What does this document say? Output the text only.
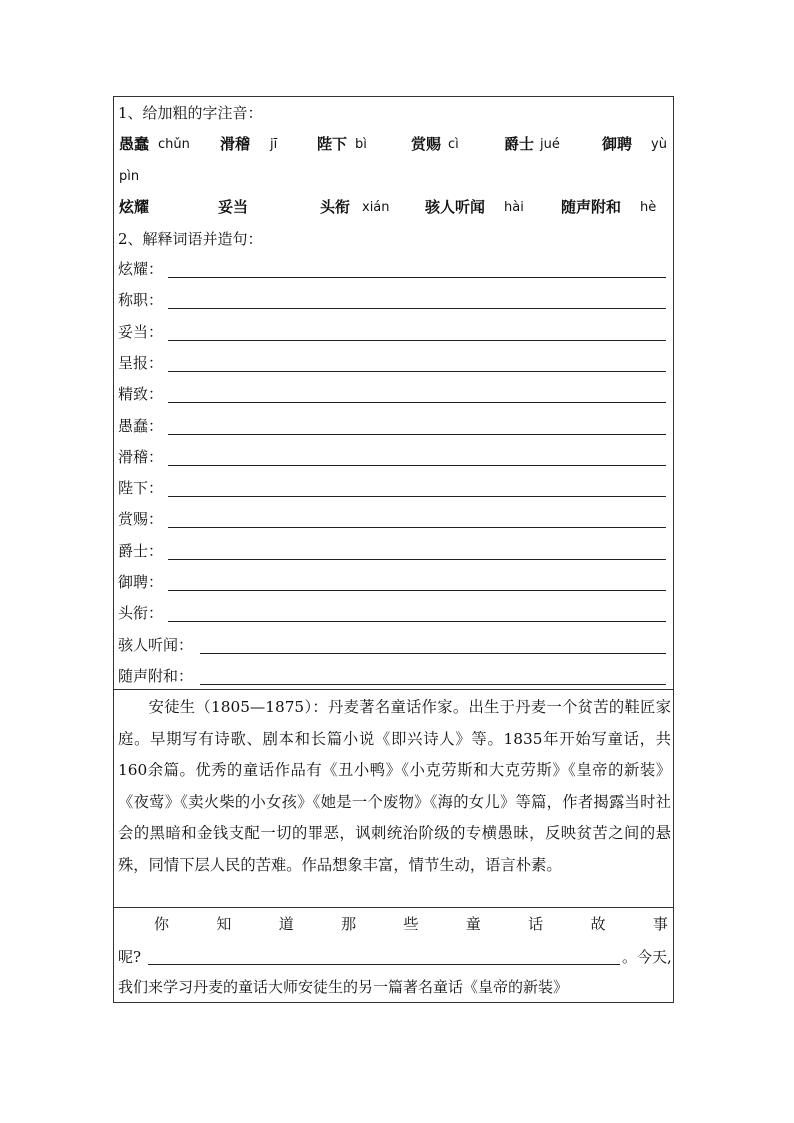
1、给加粗的字注音：
愚蠢 chǔn 滑稽 jī	陛下 bì	赏赐 cì	爵士 jué	御聘 yù
pìn
炫耀	妥当	头衔 xián 骇人听闻 hài 随声附和 hè
2、解释词语并造句：
炫耀：
称职：
妥当：
呈报：
精致：
愚蠢：
滑稽：
陛下：
赏赐：
爵士：
御聘：
头衔：
骇人听闻：
随声附和：

安徒生（1805—1875）：丹麦著名童话作家。出生于丹麦一个贫苦的鞋匠家庭。早期写有诗歌、剧本和长篇小说《即兴诗人》等。1835年开始写童话，共160余篇。优秀的童话作品有《丑小鸭》《小克劳斯和大克劳斯》《皇帝的新装》《夜莺》《卖火柴的小女孩》《她是一个废物》《海的女儿》等篇，作者揭露当时社会的黑暗和金钱支配一切的罪恶，讽刺统治阶级的专横愚昧，反映贫苦之间的悬殊，同情下层人民的苦难。作品想象丰富，情节生动，语言朴素。

你	知	道	那	些	童	话	故	事
呢?	。今天,
我们来学习丹麦的童话大师安徒生的另一篇著名童话《皇帝的新装》
